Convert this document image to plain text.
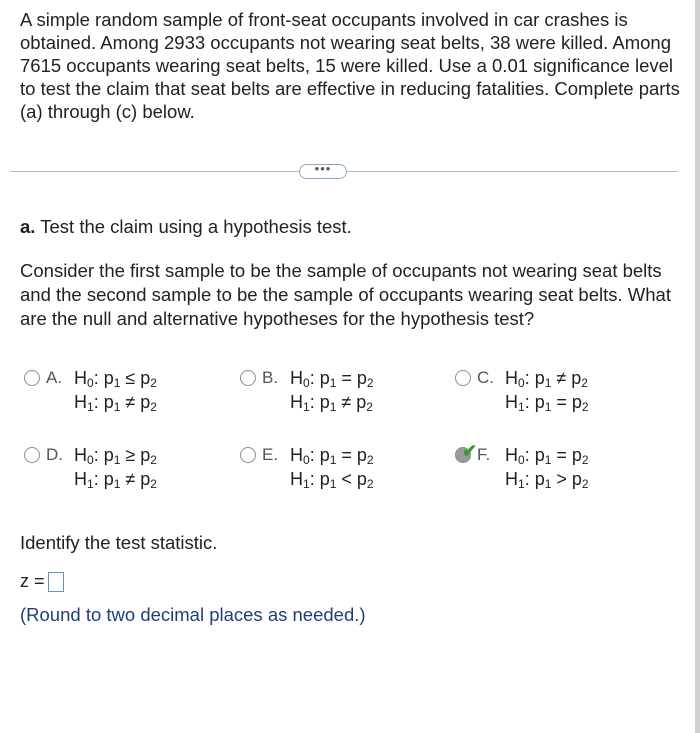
A simple random sample of front-seat occupants involved in car crashes is obtained. Among 2933 occupants not wearing seat belts, 38 were killed. Among 7615 occupants wearing seat belts, 15 were killed. Use a 0.01 significance level to test the claim that seat belts are effective in reducing fatalities. Complete parts (a) through (c) below.
•••
a. Test the claim using a hypothesis test.
Consider the first sample to be the sample of occupants not wearing seat belts and the second sample to be the sample of occupants wearing seat belts. What are the null and alternative hypotheses for the hypothesis test?
A. $H_0$: $p_1 \le p_2$
$H_1$: $p_1 \ne p_2$
B. $H_0$: $p_1 = p_2$
$H_1$: $p_1 \ne p_2$
C. $H_0$: $p_1 \ne p_2$
$H_1$: $p_1 = p_2$
D. $H_0$: $p_1 \ge p_2$
$H_1$: $p_1 \ne p_2$
E. $H_0$: $p_1 = p_2$
$H_1$: $p_1 < p_2$
✔ F. $H_0$: $p_1 = p_2$
$H_1$: $p_1 > p_2$
Identify the test statistic.
z =
(Round to two decimal places as needed.)
